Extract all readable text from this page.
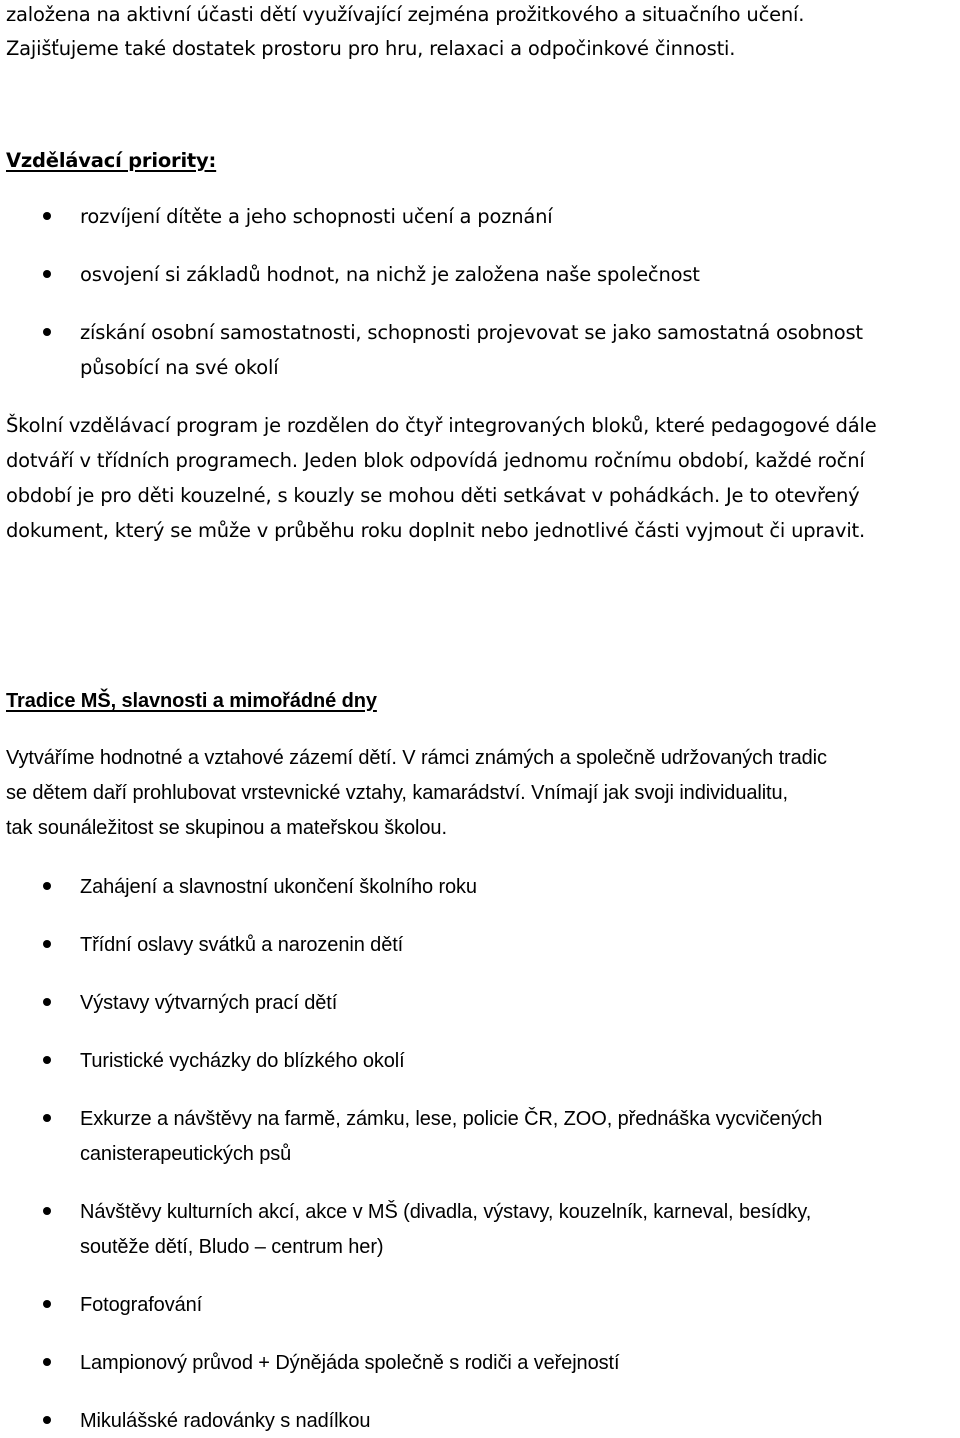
založena na aktivní účasti dětí využívající zejména prožitkového a situačního učení.

Zajišťujeme také dostatek prostoru pro hru, relaxaci a odpočinkové činnosti.

Vzdělávací priority:

rozvíjení dítěte a jeho schopnosti učení a poznání

osvojení si základů hodnot, na nichž je založena naše společnost

získání osobní samostatnosti, schopnosti projevovat se jako samostatná osobnost

působící na své okolí

Školní vzdělávací program je rozdělen do čtyř integrovaných bloků, které pedagogové dále

dotváří v třídních programech. Jeden blok odpovídá jednomu ročnímu období, každé roční

období je pro děti kouzelné, s kouzly se mohou děti setkávat v pohádkách. Je to otevřený

dokument, který se může v průběhu roku doplnit nebo jednotlivé části vyjmout či upravit.

Tradice MŠ, slavnosti a mimořádné dny

Vytváříme hodnotné a vztahové zázemí dětí. V rámci známých a společně udržovaných tradic

se dětem daří prohlubovat vrstevnické vztahy, kamarádství. Vnímají jak svoji individualitu,

tak sounáležitost se skupinou a mateřskou školou.

Zahájení a slavnostní ukončení školního roku

Třídní oslavy svátků a narozenin dětí

Výstavy výtvarných prací dětí

Turistické vycházky do blízkého okolí

Exkurze a návštěvy na farmě, zámku, lese, policie ČR, ZOO, přednáška vycvičených

canisterapeutických psů

Návštěvy kulturních akcí, akce v MŠ (divadla, výstavy, kouzelník, karneval, besídky,

soutěže dětí, Bludo – centrum her)

Fotografování

Lampionový průvod + Dýnějáda společně s rodiči a veřejností

Mikulášské radovánky s nadílkou
